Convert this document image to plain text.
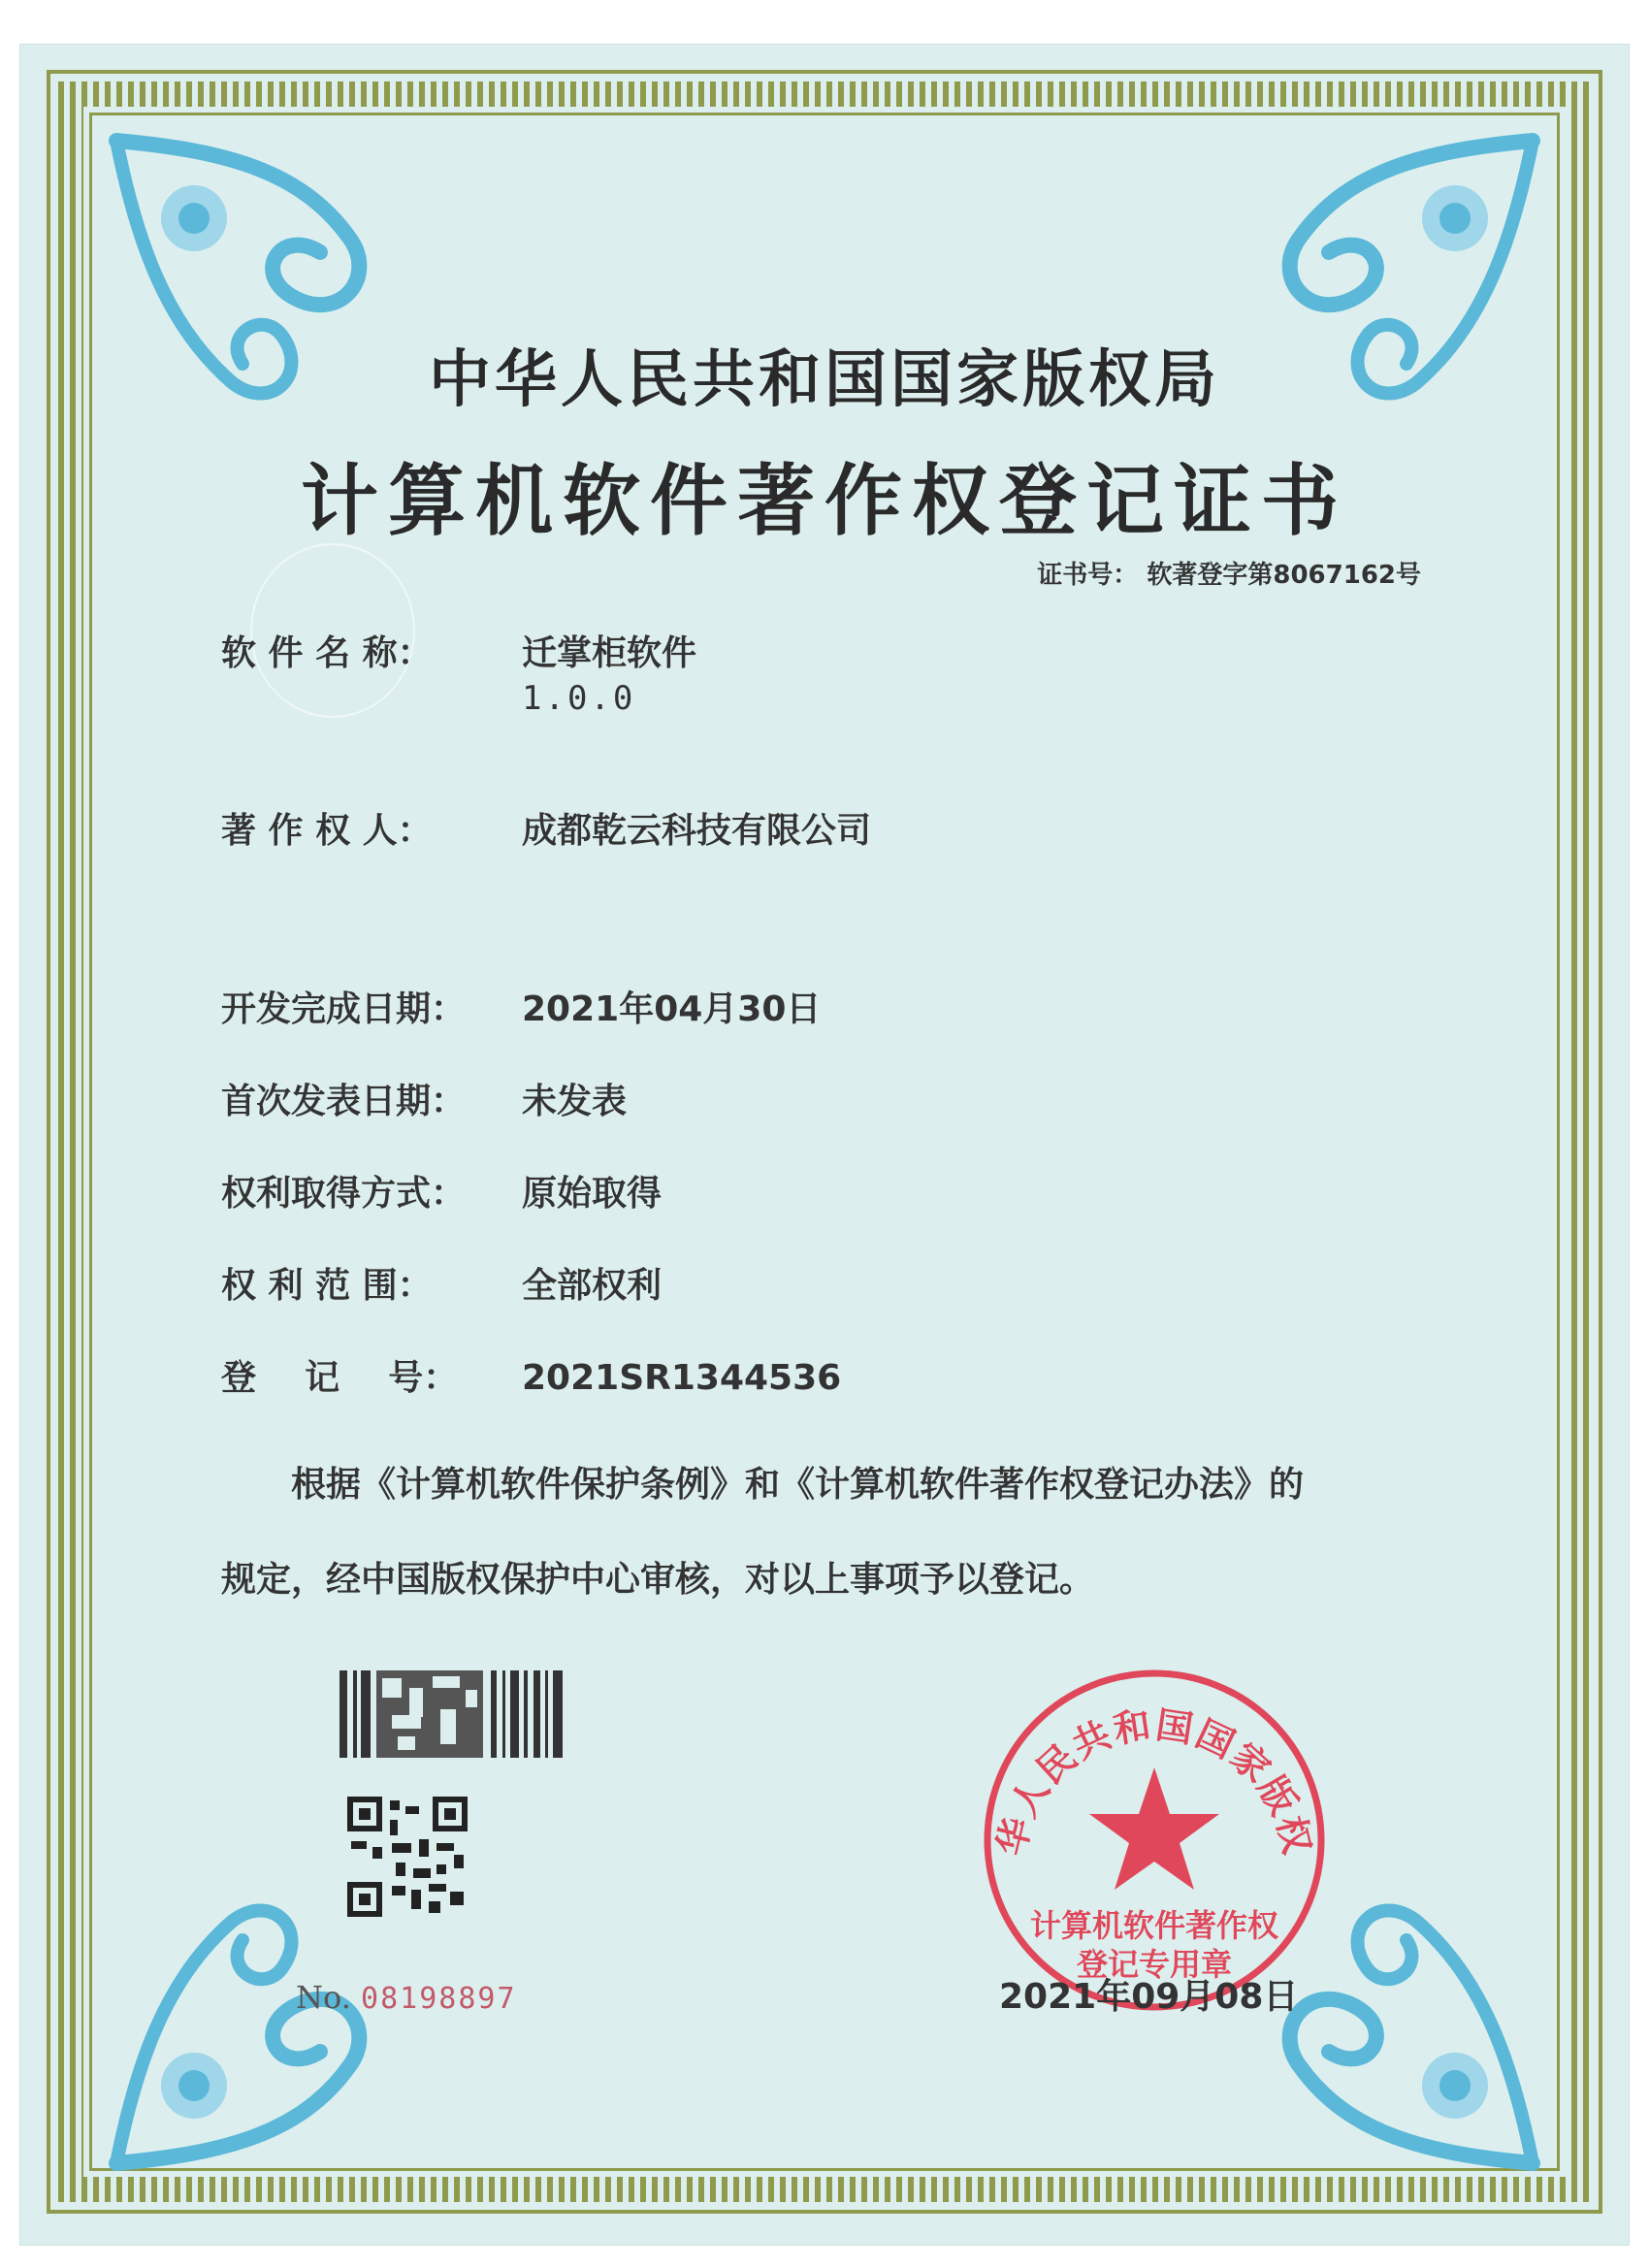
中华人民共和国国家版权局
计算机软件著作权登记证书
证书号： 软著登字第8067162号
软 件 名 称：	迁掌柜软件
1.0.0
著 作 权 人：	成都乾云科技有限公司
开发完成日期： 2021年04月30日
首次发表日期： 未发表
权利取得方式： 原始取得
权 利 范 围：	全部权利
登    记    号： 2021SR1344536
根据《计算机软件保护条例》和《计算机软件著作权登记办法》的
规定，经中国版权保护中心审核，对以上事项予以登记。
No. 08198897
华人民共和国国家版权
计算机软件著作权
登记专用章
2021年09月08日
